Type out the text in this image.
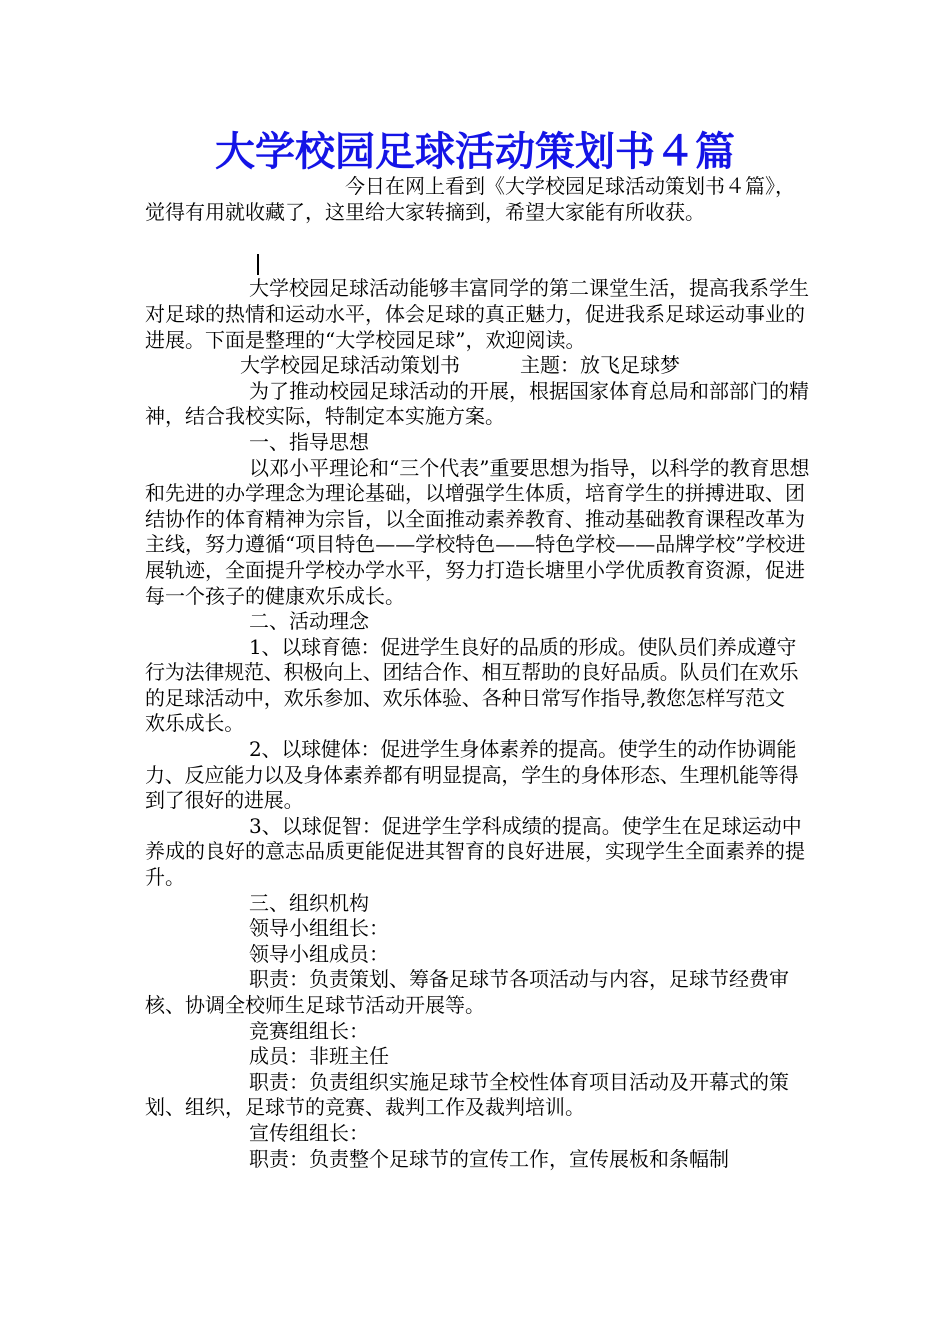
大学校园足球活动策划书４篇

今日在网上看到《大学校园足球活动策划书４篇》，觉得有用就收藏了，这里给大家转摘到，希望大家能有所收获。

大学校园足球活动能够丰富同学的第二课堂生活，提高我系学生对足球的热情和运动水平，体会足球的真正魅力，促进我系足球运动事业的进展。下面是整理的“大学校园足球”，欢迎阅读。

大学校园足球活动策划书　　　主题：放飞足球梦

为了推动校园足球活动的开展，根据国家体育总局和部部门的精神，结合我校实际，特制定本实施方案。

一、指导思想

以邓小平理论和“三个代表”重要思想为指导，以科学的教育思想和先进的办学理念为理论基础，以增强学生体质，培育学生的拼搏进取、团结协作的体育精神为宗旨，以全面推动素养教育、推动基础教育课程改革为主线，努力遵循“项目特色——学校特色——特色学校——品牌学校”学校进展轨迹，全面提升学校办学水平，努力打造长塘里小学优质教育资源，促进每一个孩子的健康欢乐成长。

二、活动理念

1、以球育德：促进学生良好的品质的形成。使队员们养成遵守行为法律规范、积极向上、团结合作、相互帮助的良好品质。队员们在欢乐的足球活动中，欢乐参加、欢乐体验、各种日常写作指导,教您怎样写范文 欢乐成长。

2、以球健体：促进学生身体素养的提高。使学生的动作协调能力、反应能力以及身体素养都有明显提高，学生的身体形态、生理机能等得到了很好的进展。

3、以球促智：促进学生学科成绩的提高。使学生在足球运动中养成的良好的意志品质更能促进其智育的良好进展，实现学生全面素养的提升。

三、组织机构

领导小组组长：

领导小组成员：

职责：负责策划、筹备足球节各项活动与内容，足球节经费审核、协调全校师生足球节活动开展等。

竞赛组组长：

成员：非班主任

职责：负责组织实施足球节全校性体育项目活动及开幕式的策划、组织，足球节的竞赛、裁判工作及裁判培训。

宣传组组长：

职责：负责整个足球节的宣传工作，宣传展板和条幅制
